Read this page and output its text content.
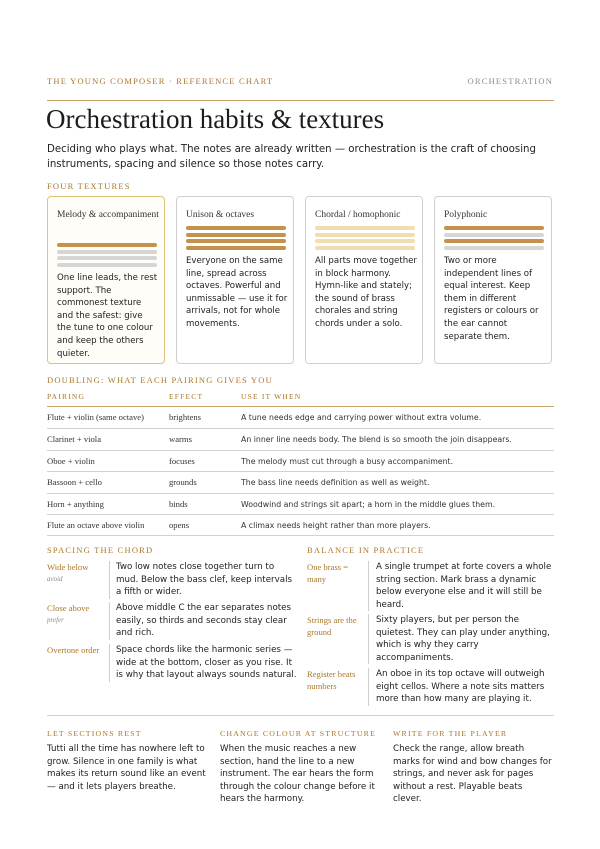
THE YOUNG COMPOSER · REFERENCE CHART	ORCHESTRATION
Orchestration habits & textures

Deciding who plays what. The notes are already written — orchestration is the craft of choosing instruments, spacing and silence so those notes carry.

FOUR TEXTURES
Melody & accompaniment

One line leads, the rest support. The commonest texture and the safest: give the tune to one colour and keep the others quieter.

Unison & octaves

Everyone on the same line, spread across octaves. Powerful and unmissable — use it for arrivals, not for whole movements.

Chordal / homophonic

All parts move together in block harmony. Hymn-like and stately; the sound of brass chorales and string chords under a solo.

Polyphonic

Two or more independent lines of equal interest. Keep them in different registers or colours or the ear cannot separate them.

DOUBLING: WHAT EACH PAIRING GIVES YOU
PAIRING	EFFECT	USE IT WHEN
Flute + violin (same octave)	brightens	A tune needs edge and carrying power without extra volume.
Clarinet + viola	warms	An inner line needs body. The blend is so smooth the join disappears.
Oboe + violin	focuses	The melody must cut through a busy accompaniment.
Bassoon + cello	grounds	The bass line needs definition as well as weight.
Horn + anything	binds	Woodwind and strings sit apart; a horn in the middle glues them.
Flute an octave above violin	opens	A climax needs height rather than more players.
SPACING THE CHORD
Wide below
avoid

Two low notes close together turn to mud. Below the bass clef, keep intervals a fifth or wider.

Close above
prefer

Above middle C the ear separates notes easily, so thirds and seconds stay clear and rich.

Overtone order	Space chords like the harmonic series — wide at the bottom, closer as you rise. It is why that layout always sounds natural.

BALANCE IN PRACTICE
One brass = many

A single trumpet at forte covers a whole string section. Mark brass a dynamic below everyone else and it will still be heard.

Strings are the ground

Sixty players, but per person the quietest. They can play under anything, which is why they carry accompaniments.

Register beats numbers

An oboe in its top octave will outweigh eight cellos. Where a note sits matters more than how many are playing it.

LET SECTIONS REST

Tutti all the time has nowhere left to grow. Silence in one family is what makes its return sound like an event — and it lets players breathe.

CHANGE COLOUR AT STRUCTURE

When the music reaches a new section, hand the line to a new instrument. The ear hears the form through the colour change before it hears the harmony.

WRITE FOR THE PLAYER

Check the range, allow breath marks for wind and bow changes for strings, and never ask for pages without a rest. Playable beats clever.
